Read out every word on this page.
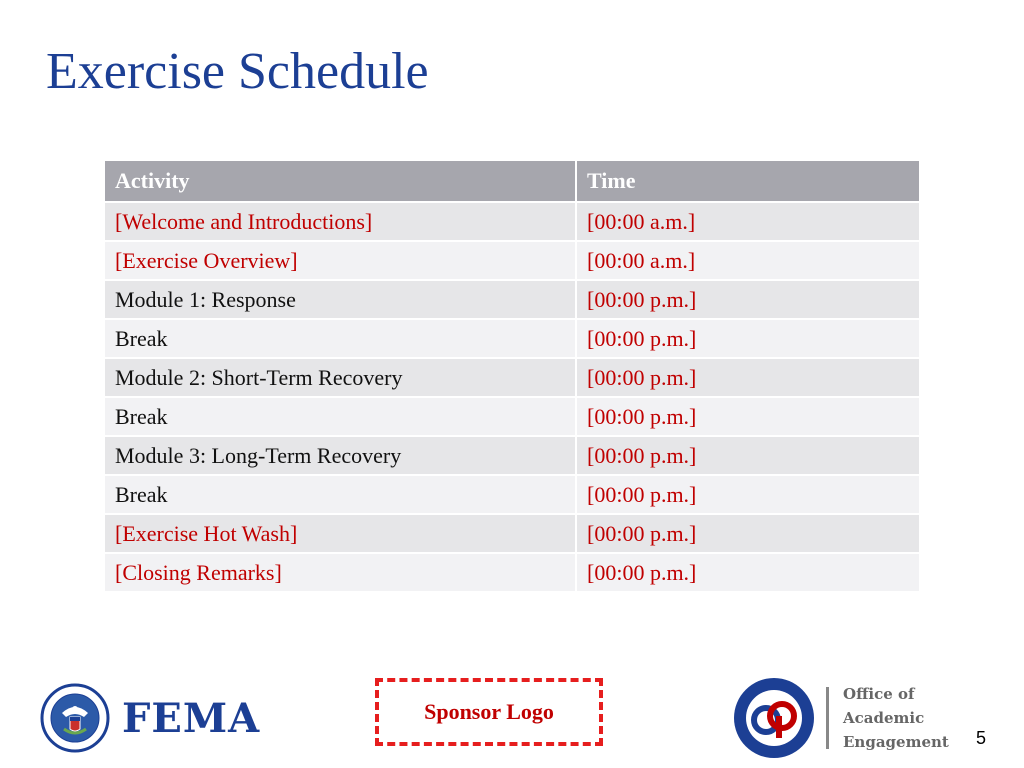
Exercise Schedule
Activity	Time
[Welcome and Introductions]	[00:00 a.m.]
[Exercise Overview]	[00:00 a.m.]
Module 1: Response	[00:00 p.m.]
Break	[00:00 p.m.]
Module 2: Short-Term Recovery	[00:00 p.m.]
Break	[00:00 p.m.]
Module 3: Long-Term Recovery	[00:00 p.m.]
Break	[00:00 p.m.]
[Exercise Hot Wash]	[00:00 p.m.]
[Closing Remarks]	[00:00 p.m.]
FEMA	Sponsor Logo
Office of
Academic
Engagement 5
